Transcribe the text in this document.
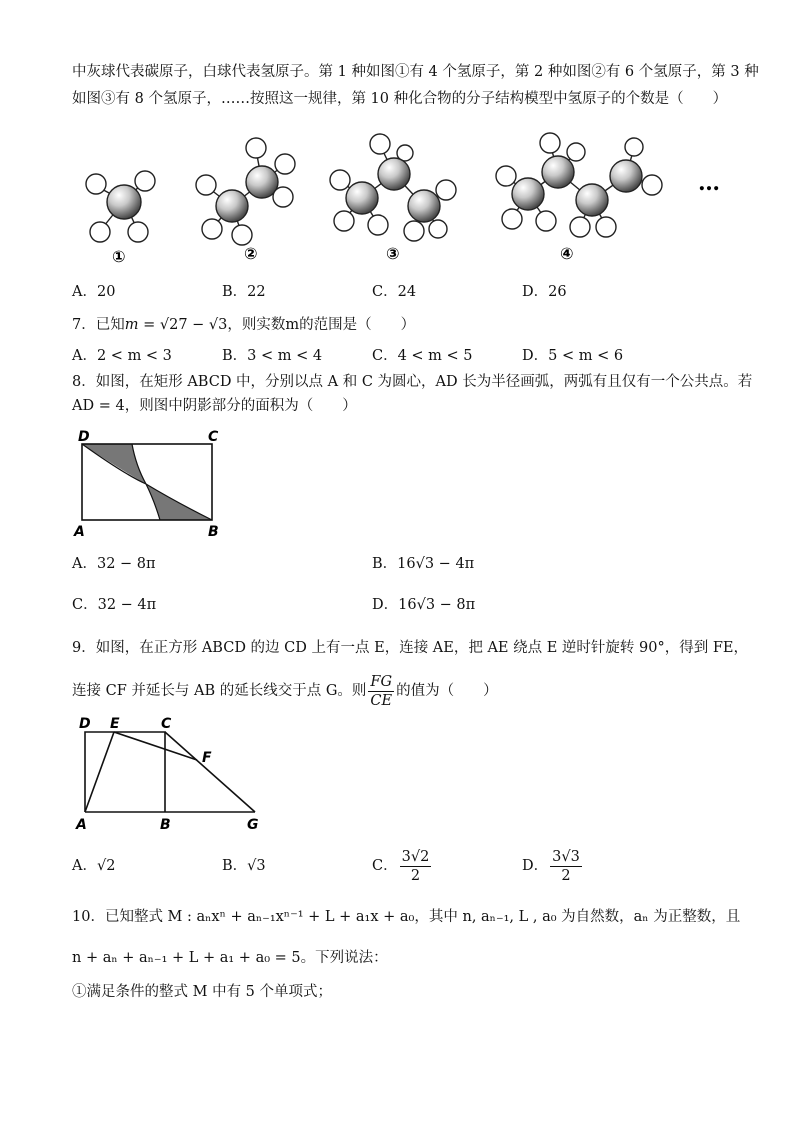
中灰球代表碳原子，白球代表氢原子。第 1 种如图①有 4 个氢原子，第 2 种如图②有 6 个氢原子，第 3 种
如图③有 8 个氢原子，……按照这一规律，第 10 种化合物的分子结构模型中氢原子的个数是（　　）
…
①	②	③	④
A．20	B．22	C．24	D．26
7．已知m = √27 − √3，则实数m的范围是（　　）
A．2 < m < 3	B．3 < m < 4	C．4 < m < 5	D．5 < m < 6
8．如图，在矩形 ABCD 中，分别以点 A 和 C 为圆心，AD 长为半径画弧，两弧有且仅有一个公共点。若
AD = 4，则图中阴影部分的面积为（　　）
D	C
A	B
A．32 − 8π	B．16√3 − 4π
C．32 − 4π	D．16√3 − 8π
9．如图，在正方形 ABCD 的边 CD 上有一点 E，连接 AE，把 AE 绕点 E 逆时针旋转 90°，得到 FE，
连接 CF 并延长与 AB 的延长线交于点 G。则 $\frac{FG}{CE}$ 的值为（　　）
D E	C
F
A	B	G
A．√2	B．√3	C． $\frac{3√2}{2}$	D． $\frac{3√3}{2}$
10．已知整式 M : aₙxⁿ + aₙ₋₁xⁿ⁻¹ + L + a₁x + a₀，其中 n, aₙ₋₁, L , a₀ 为自然数，aₙ 为正整数，且
n + aₙ + aₙ₋₁ + L + a₁ + a₀ = 5。下列说法：
①满足条件的整式 M 中有 5 个单项式；
